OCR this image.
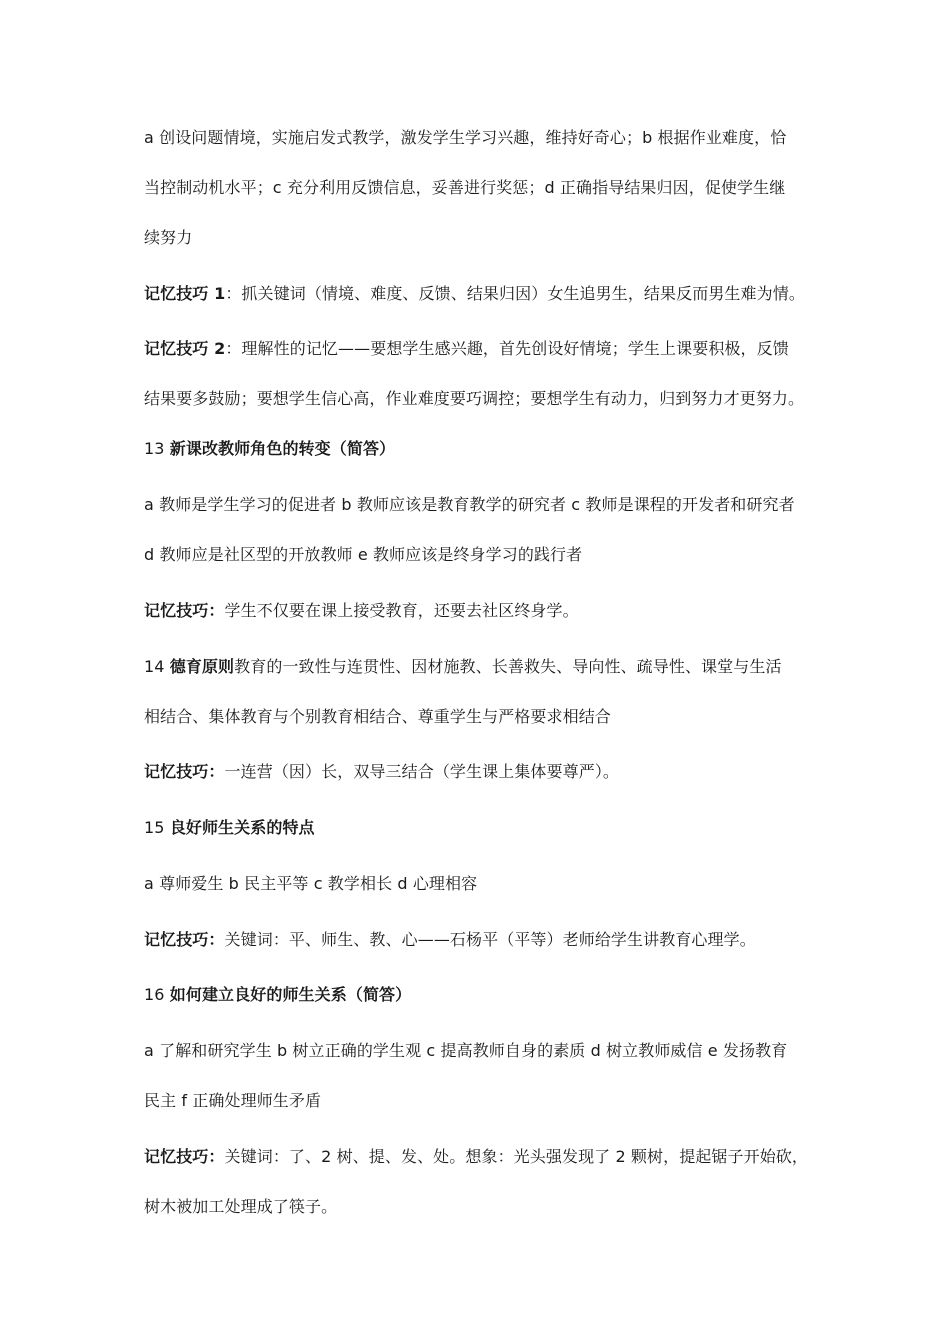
a 创设问题情境，实施启发式教学，激发学生学习兴趣，维持好奇心；b 根据作业难度，恰
当控制动机水平；c 充分利用反馈信息，妥善进行奖惩；d 正确指导结果归因，促使学生继
续努力
记忆技巧 1：抓关键词（情境、难度、反馈、结果归因）女生追男生，结果反而男生难为情。
记忆技巧 2：理解性的记忆——要想学生感兴趣，首先创设好情境；学生上课要积极，反馈
结果要多鼓励；要想学生信心高，作业难度要巧调控；要想学生有动力，归到努力才更努力。
13 新课改教师角色的转变（简答）
a 教师是学生学习的促进者 b 教师应该是教育教学的研究者 c 教师是课程的开发者和研究者
d 教师应是社区型的开放教师 e 教师应该是终身学习的践行者
记忆技巧：学生不仅要在课上接受教育，还要去社区终身学。
14 德育原则教育的一致性与连贯性、因材施教、长善救失、导向性、疏导性、课堂与生活
相结合、集体教育与个别教育相结合、尊重学生与严格要求相结合
记忆技巧：一连营（因）长，双导三结合（学生课上集体要尊严）。
15 良好师生关系的特点
a 尊师爱生 b 民主平等 c 教学相长 d 心理相容
记忆技巧：关键词：平、师生、教、心——石杨平（平等）老师给学生讲教育心理学。
16 如何建立良好的师生关系（简答）
a 了解和研究学生 b 树立正确的学生观 c 提高教师自身的素质 d 树立教师威信 e 发扬教育
民主 f 正确处理师生矛盾
记忆技巧：关键词：了、2 树、提、发、处。想象：光头强发现了 2 颗树，提起锯子开始砍，
树木被加工处理成了筷子。
